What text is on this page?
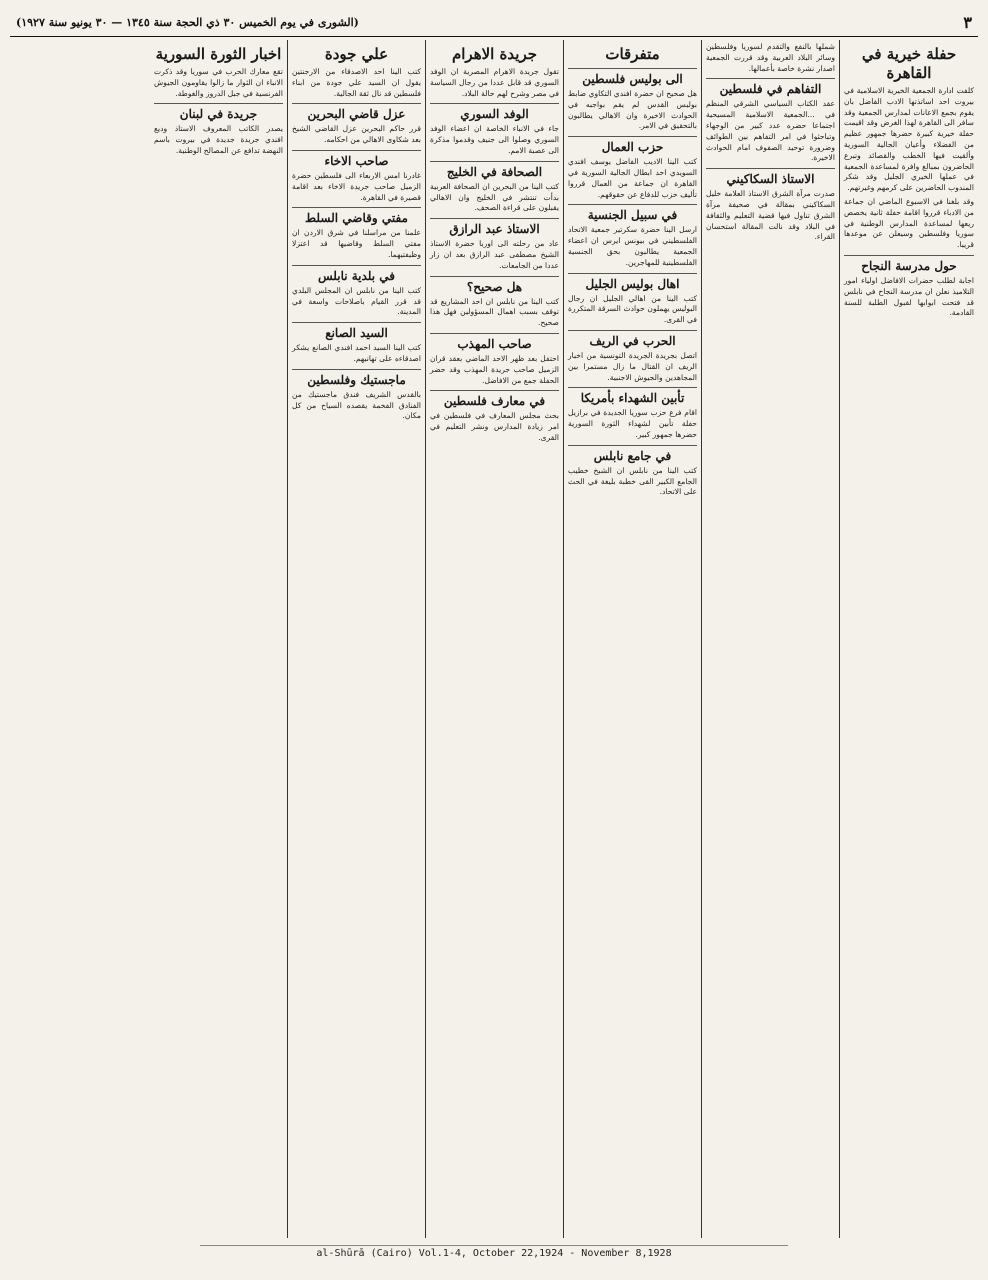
٣
(الشورى في يوم الخميس ٣٠ ذي الحجة سنة ١٣٤٥ — ٣٠ يونيو سنة ١٩٢٧)
حفلة خيرية في القاهرة

كلفت ادارة الجمعية الخيرية الاسلامية في بيروت احد اساتذتها الادب الفاضل بان يقوم بجمع الاعانات لمدارس الجمعية وقد سافر الى القاهرة لهذا الغرض وقد اقيمت حفلة خيرية كبيرة حضرها جمهور عظيم من الفضلاء وأعيان الجالية السورية وألقيت فيها الخطب والقصائد وتبرع الحاضرون بمبالغ وافرة لمساعدة الجمعية في عملها الخيري الجليل وقد شكر المندوب الحاضرين على كرمهم وغيرتهم.

وقد بلغنا في الاسبوع الماضي ان جماعة من الادباء قرروا اقامة حفلة ثانية يخصص ريعها لمساعدة المدارس الوطنية في سوريا وفلسطين وسيعلن عن موعدها قريبا.

حول مدرسة النجاح

اجابة لطلب حضرات الافاضل اولياء امور التلاميذ نعلن ان مدرسة النجاح في نابلس قد فتحت ابوابها لقبول الطلبة للسنة القادمة.

شملها بالنفع والتقدم لسوريا وفلسطين وسائر البلاد العربية وقد قررت الجمعية اصدار نشرة خاصة بأعمالها.

التفاهم في فلسطين

عقد الكتاب السياسي الشرقي المنظم في ...الجمعية الاسلامية المسيحية اجتماعا حضره عدد كبير من الوجهاء وتباحثوا في امر التفاهم بين الطوائف وضرورة توحيد الصفوف امام الحوادث الاخيرة.

الاستاذ السكاكيني

صدرت مرآة الشرق الاستاذ العلامة خليل السكاكيني بمقالة في صحيفة مرآة الشرق تناول فيها قضية التعليم والثقافة في البلاد وقد نالت المقالة استحسان القراء.

متفرقات
الى بوليس فلسطين

هل صحيح ان حضرة افندي التكاوي ضابط بوليس القدس لم يقم بواجبه في الحوادث الاخيرة وان الاهالي يطالبون بالتحقيق في الامر.

حزب العمال

كتب الينا الاديب الفاضل يوسف افندي السويدي احد ابطال الجالية السورية في القاهرة ان جماعة من العمال قرروا تأليف حزب للدفاع عن حقوقهم.

في سبيل الجنسية

ارسل الينا حضرة سكرتير جمعية الاتحاد الفلسطيني في بيونس ايرس ان اعضاء الجمعية يطالبون بحق الجنسية الفلسطينية للمهاجرين.

اهال بوليس الجليل

كتب الينا من اهالي الجليل ان رجال البوليس يهملون حوادث السرقة المتكررة في القرى.

الحرب في الريف

اتصل بجريدة الجريدة التونسية من اخبار الريف ان القتال ما زال مستمرا بين المجاهدين والجيوش الاجنبية.

تأبين الشهداء بأمريكا

اقام فرع حزب سوريا الجديدة في برازيل حفلة تأبين لشهداء الثورة السورية حضرها جمهور كبير.

في جامع نابلس

كتب الينا من نابلس ان الشيخ خطيب الجامع الكبير القى خطبة بليغة في الحث على الاتحاد.

جريدة الاهرام

تقول جريدة الاهرام المصرية ان الوفد السوري قد قابل عددا من رجال السياسة في مصر وشرح لهم حالة البلاد.

الوفد السوري

جاء في الانباء الخاصة ان اعضاء الوفد السوري وصلوا الى جنيف وقدموا مذكرة الى عصبة الامم.

الصحافة في الخليج

كتب الينا من البحرين ان الصحافة العربية بدأت تنتشر في الخليج وان الاهالي يقبلون على قراءة الصحف.

الاستاذ عبد الرازق

عاد من رحلته الى اوربا حضرة الاستاذ الشيخ مصطفى عبد الرازق بعد ان زار عددا من الجامعات.

هل صحيح؟

كتب الينا من نابلس ان احد المشاريع قد توقف بسبب اهمال المسؤولين فهل هذا صحيح.

صاحب المهذب

احتفل بعد ظهر الاحد الماضي بعقد قران الزميل صاحب جريدة المهذب وقد حضر الحفلة جمع من الافاضل.

في معارف فلسطين

بحث مجلس المعارف في فلسطين في امر زيادة المدارس ونشر التعليم في القرى.

علي جودة

كتب الينا احد الاصدقاء من الارجنتين يقول ان السيد علي جودة من ابناء فلسطين قد نال ثقة الجالية.

عزل قاضي البحرين

قرر حاكم البحرين عزل القاضي الشيخ بعد شكاوى الاهالي من احكامه.

صاحب الاخاء

غادرنا امس الاربعاء الى فلسطين حضرة الزميل صاحب جريدة الاخاء بعد اقامة قصيرة في القاهرة.

مفتي وقاضي السلط

علمنا من مراسلنا في شرق الاردن ان مفتي السلط وقاضيها قد اعتزلا وظيفتيهما.

في بلدية نابلس

كتب الينا من نابلس ان المجلس البلدي قد قرر القيام باصلاحات واسعة في المدينة.

السيد الصانع

كتب الينا السيد احمد افندي الصانع يشكر اصدقاءه على تهانيهم.

ماجستيك وفلسطين

بالقدس الشريف فندق ماجستيك من الفنادق الفخمة يقصده السياح من كل مكان.

اخبار الثورة السورية

تقع معارك الحرب في سوريا وقد ذكرت الانباء ان الثوار ما زالوا يقاومون الجيوش الفرنسية في جبل الدروز والغوطة.

جريدة في لبنان

يصدر الكاتب المعروف الاستاذ وديع افندي جريدة جديدة في بيروت باسم النهضة تدافع عن المصالح الوطنية.

al-Shūrā (Cairo) Vol.1-4, October 22,1924 - November 8,1928
